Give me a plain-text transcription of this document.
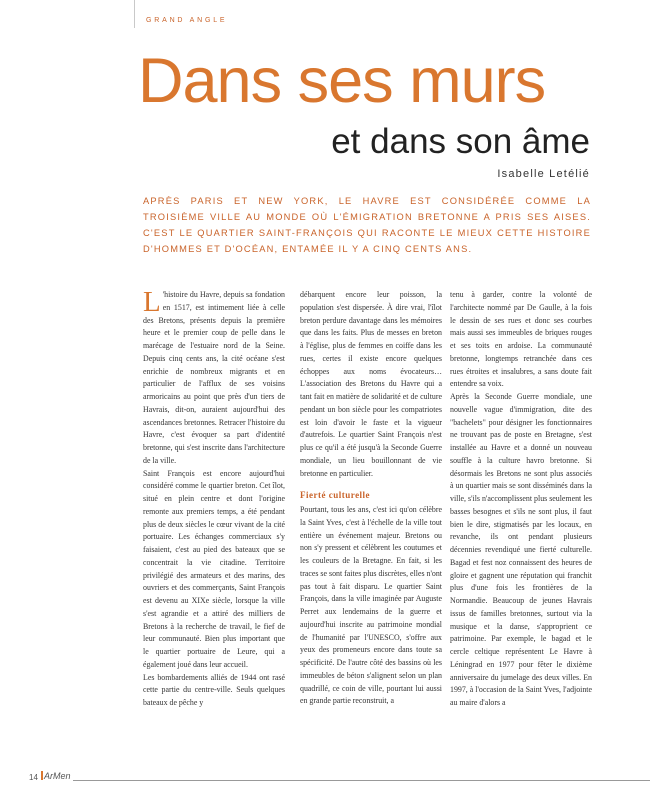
GRAND ANGLE
Dans ses murs
et dans son âme
Isabelle Letélié
APRÈS PARIS ET NEW YORK, LE HAVRE EST CONSIDÉRÉE COMME LA TROISIÈME VILLE AU MONDE OÙ L'ÉMIGRATION BRETONNE A PRIS SES AISES. C'EST LE QUARTIER SAINT-FRANÇOIS QUI RACONTE LE MIEUX CETTE HISTOIRE D'HOMMES ET D'OCÉAN, ENTAMÉE IL Y A CINQ CENTS ANS.

L 'histoire du Havre, depuis sa fondation en 1517, est intimement liée à celle des Bretons, présents depuis la première heure et le premier coup de pelle dans le marécage de l'estuaire nord de la Seine. Depuis cinq cents ans, la cité océane s'est enrichie de nombreux migrants et en particulier de l'afflux de ses voisins armoricains au point que près d'un tiers de Havrais, dit-on, auraient aujourd'hui des ascendances bretonnes. Retracer l'histoire du Havre, c'est évoquer sa part d'identité bretonne, qui s'est inscrite dans l'architecture de la ville.

Saint François est encore aujourd'hui considéré comme le quartier breton. Cet îlot, situé en plein centre et dont l'origine remonte aux premiers temps, a été pendant plus de deux siècles le cœur vivant de la cité portuaire. Les échanges commerciaux s'y faisaient, c'est au pied des bateaux que se concentrait la vie citadine. Territoire privilégié des armateurs et des marins, des ouvriers et des commerçants, Saint François est devenu au XIXe siècle, lorsque la ville s'est agrandie et a attiré des milliers de Bretons à la recherche de travail, le fief de leur communauté. Bien plus important que le quartier portuaire de Leure, qui a également joué dans leur accueil.

Les bombardements alliés de 1944 ont rasé cette partie du centre-ville. Seuls quelques bateaux de pêche y

débarquent encore leur poisson, la population s'est dispersée. À dire vrai, l'îlot breton perdure davantage dans les mémoires que dans les faits. Plus de messes en breton à l'église, plus de femmes en coiffe dans les rues, certes il existe encore quelques échoppes aux noms évocateurs… L'association des Bretons du Havre qui a tant fait en matière de solidarité et de culture pendant un bon siècle pour les compatriotes est loin d'avoir le faste et la vigueur d'autrefois. Le quartier Saint François n'est plus ce qu'il a été jusqu'à la Seconde Guerre mondiale, un lieu bouillonnant de vie bretonne en particulier.

Fierté culturelle

Pourtant, tous les ans, c'est ici qu'on célèbre la Saint Yves, c'est à l'échelle de la ville tout entière un événement majeur. Bretons ou non s'y pressent et célèbrent les coutumes et les couleurs de la Bretagne. En fait, si les traces se sont faites plus discrètes, elles n'ont pas tout à fait disparu. Le quartier Saint François, dans la ville imaginée par Auguste Perret aux lendemains de la guerre et aujourd'hui inscrite au patrimoine mondial de l'humanité par l'UNESCO, s'offre aux yeux des promeneurs encore dans toute sa spécificité. De l'autre côté des bassins où les immeubles de béton s'alignent selon un plan quadrillé, ce coin de ville, pourtant lui aussi en grande partie reconstruit, a

tenu à garder, contre la volonté de l'architecte nommé par De Gaulle, à la fois le dessin de ses rues et donc ses courbes mais aussi ses immeubles de briques rouges et ses toits en ardoise. La communauté bretonne, longtemps retranchée dans ces rues étroites et insalubres, a sans doute fait entendre sa voix.

Après la Seconde Guerre mondiale, une nouvelle vague d'immigration, dite des "bachelets" pour désigner les fonctionnaires ne trouvant pas de poste en Bretagne, s'est installée au Havre et a donné un nouveau souffle à la culture havro bretonne. Si désormais les Bretons ne sont plus associés à un quartier mais se sont disséminés dans la ville, s'ils n'accomplissent plus seulement les basses besognes et s'ils ne sont plus, il faut bien le dire, stigmatisés par les locaux, en revanche, ils ont pendant plusieurs décennies revendiqué une fierté culturelle. Bagad et fest noz connaissent des heures de gloire et gagnent une réputation qui franchit plus d'une fois les frontières de la Normandie. Beaucoup de jeunes Havrais issus de familles bretonnes, surtout via la musique et la danse, s'approprient ce patrimoine. Par exemple, le bagad et le cercle celtique représentent Le Havre à Léningrad en 1977 pour fêter le dixième anniversaire du jumelage des deux villes. En 1997, à l'occasion de la Saint Yves, l'adjointe au maire d'alors a

14 ArMen
